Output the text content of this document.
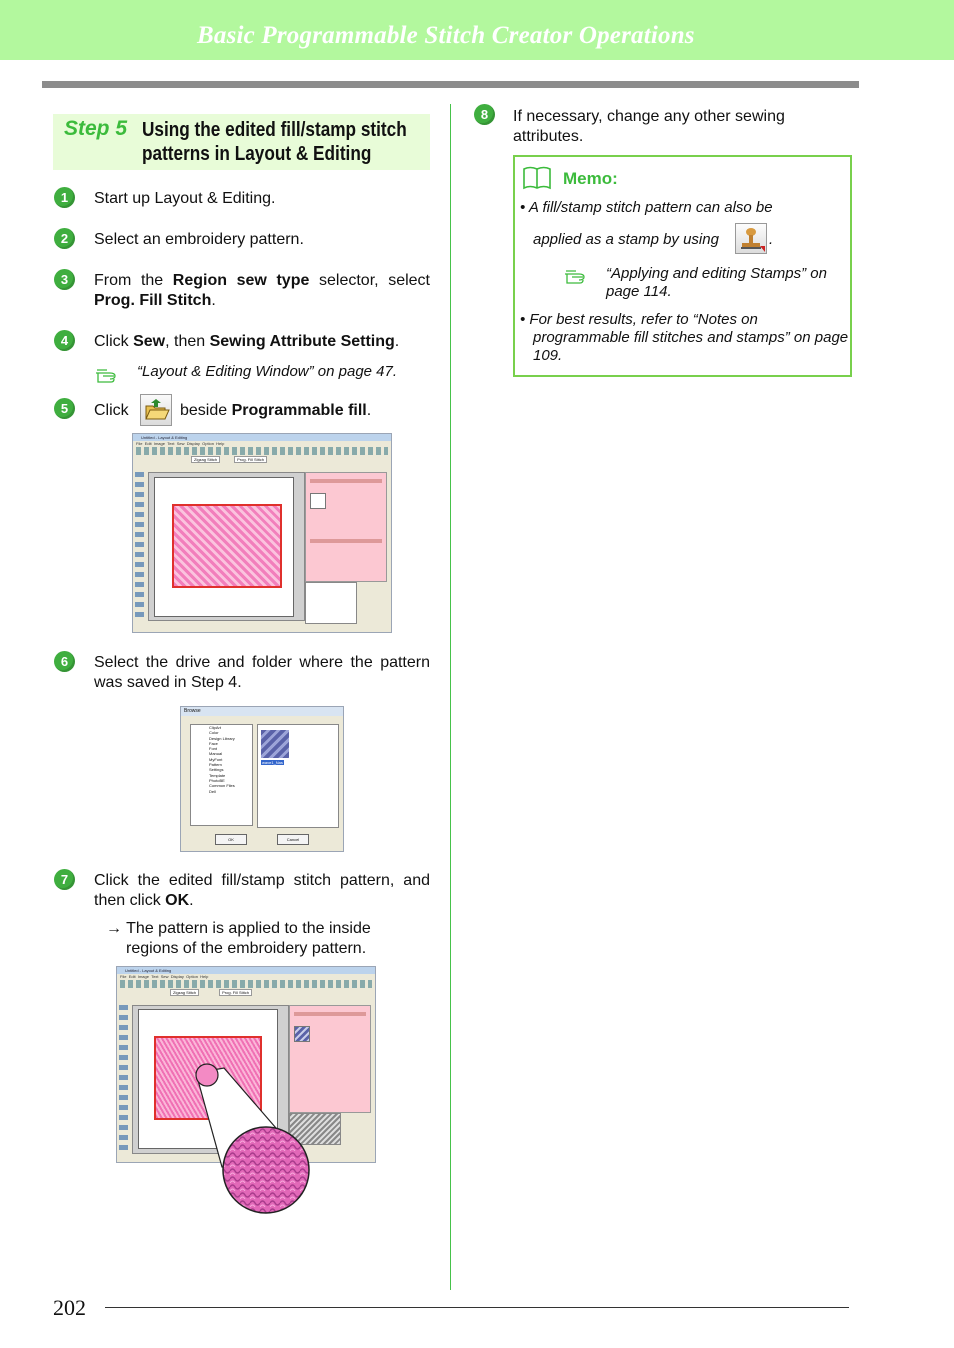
Basic Programmable Stitch Creator Operations
Step 5 Using the edited fill/stamp stitch
patterns in Layout & Editing
1	Start up Layout & Editing.
2	Select an embroidery pattern.
3	From the Region sew type selector, select Prog. Fill Stitch.
4	Click Sew, then Sewing Attribute Setting.
“Layout & Editing Window” on page 47.
5	Click	beside Programmable fill.
Untitled - Layout & Editing
File Edit Image Text Sew Display Option Help
Zigzag Stitch	Prog. Fill Stitch
6	Select the drive and folder where the pattern was saved in Step 4.
Browse
ClipArt
Color
Design Library
Face
Font
Manual
MyFont
Pattern
Settings
Template
PhotoBE
Common Files
Dell
wave1_Nas
OK	Cancel
7	Click the edited fill/stamp stitch pattern, and then click OK.
→ The pattern is applied to the inside regions of the embroidery pattern.
Untitled - Layout & Editing
File Edit Image Text Sew Display Option Help
Zigzag Stitch	Prog. Fill Stitch
8	If necessary, change any other sewing attributes.
Memo:
• A fill/stamp stitch pattern can also be
applied as a stamp by using	.
“Applying and editing Stamps” on page 114.
• For best results, refer to “Notes on programmable fill stitches and stamps” on page 109.
202
